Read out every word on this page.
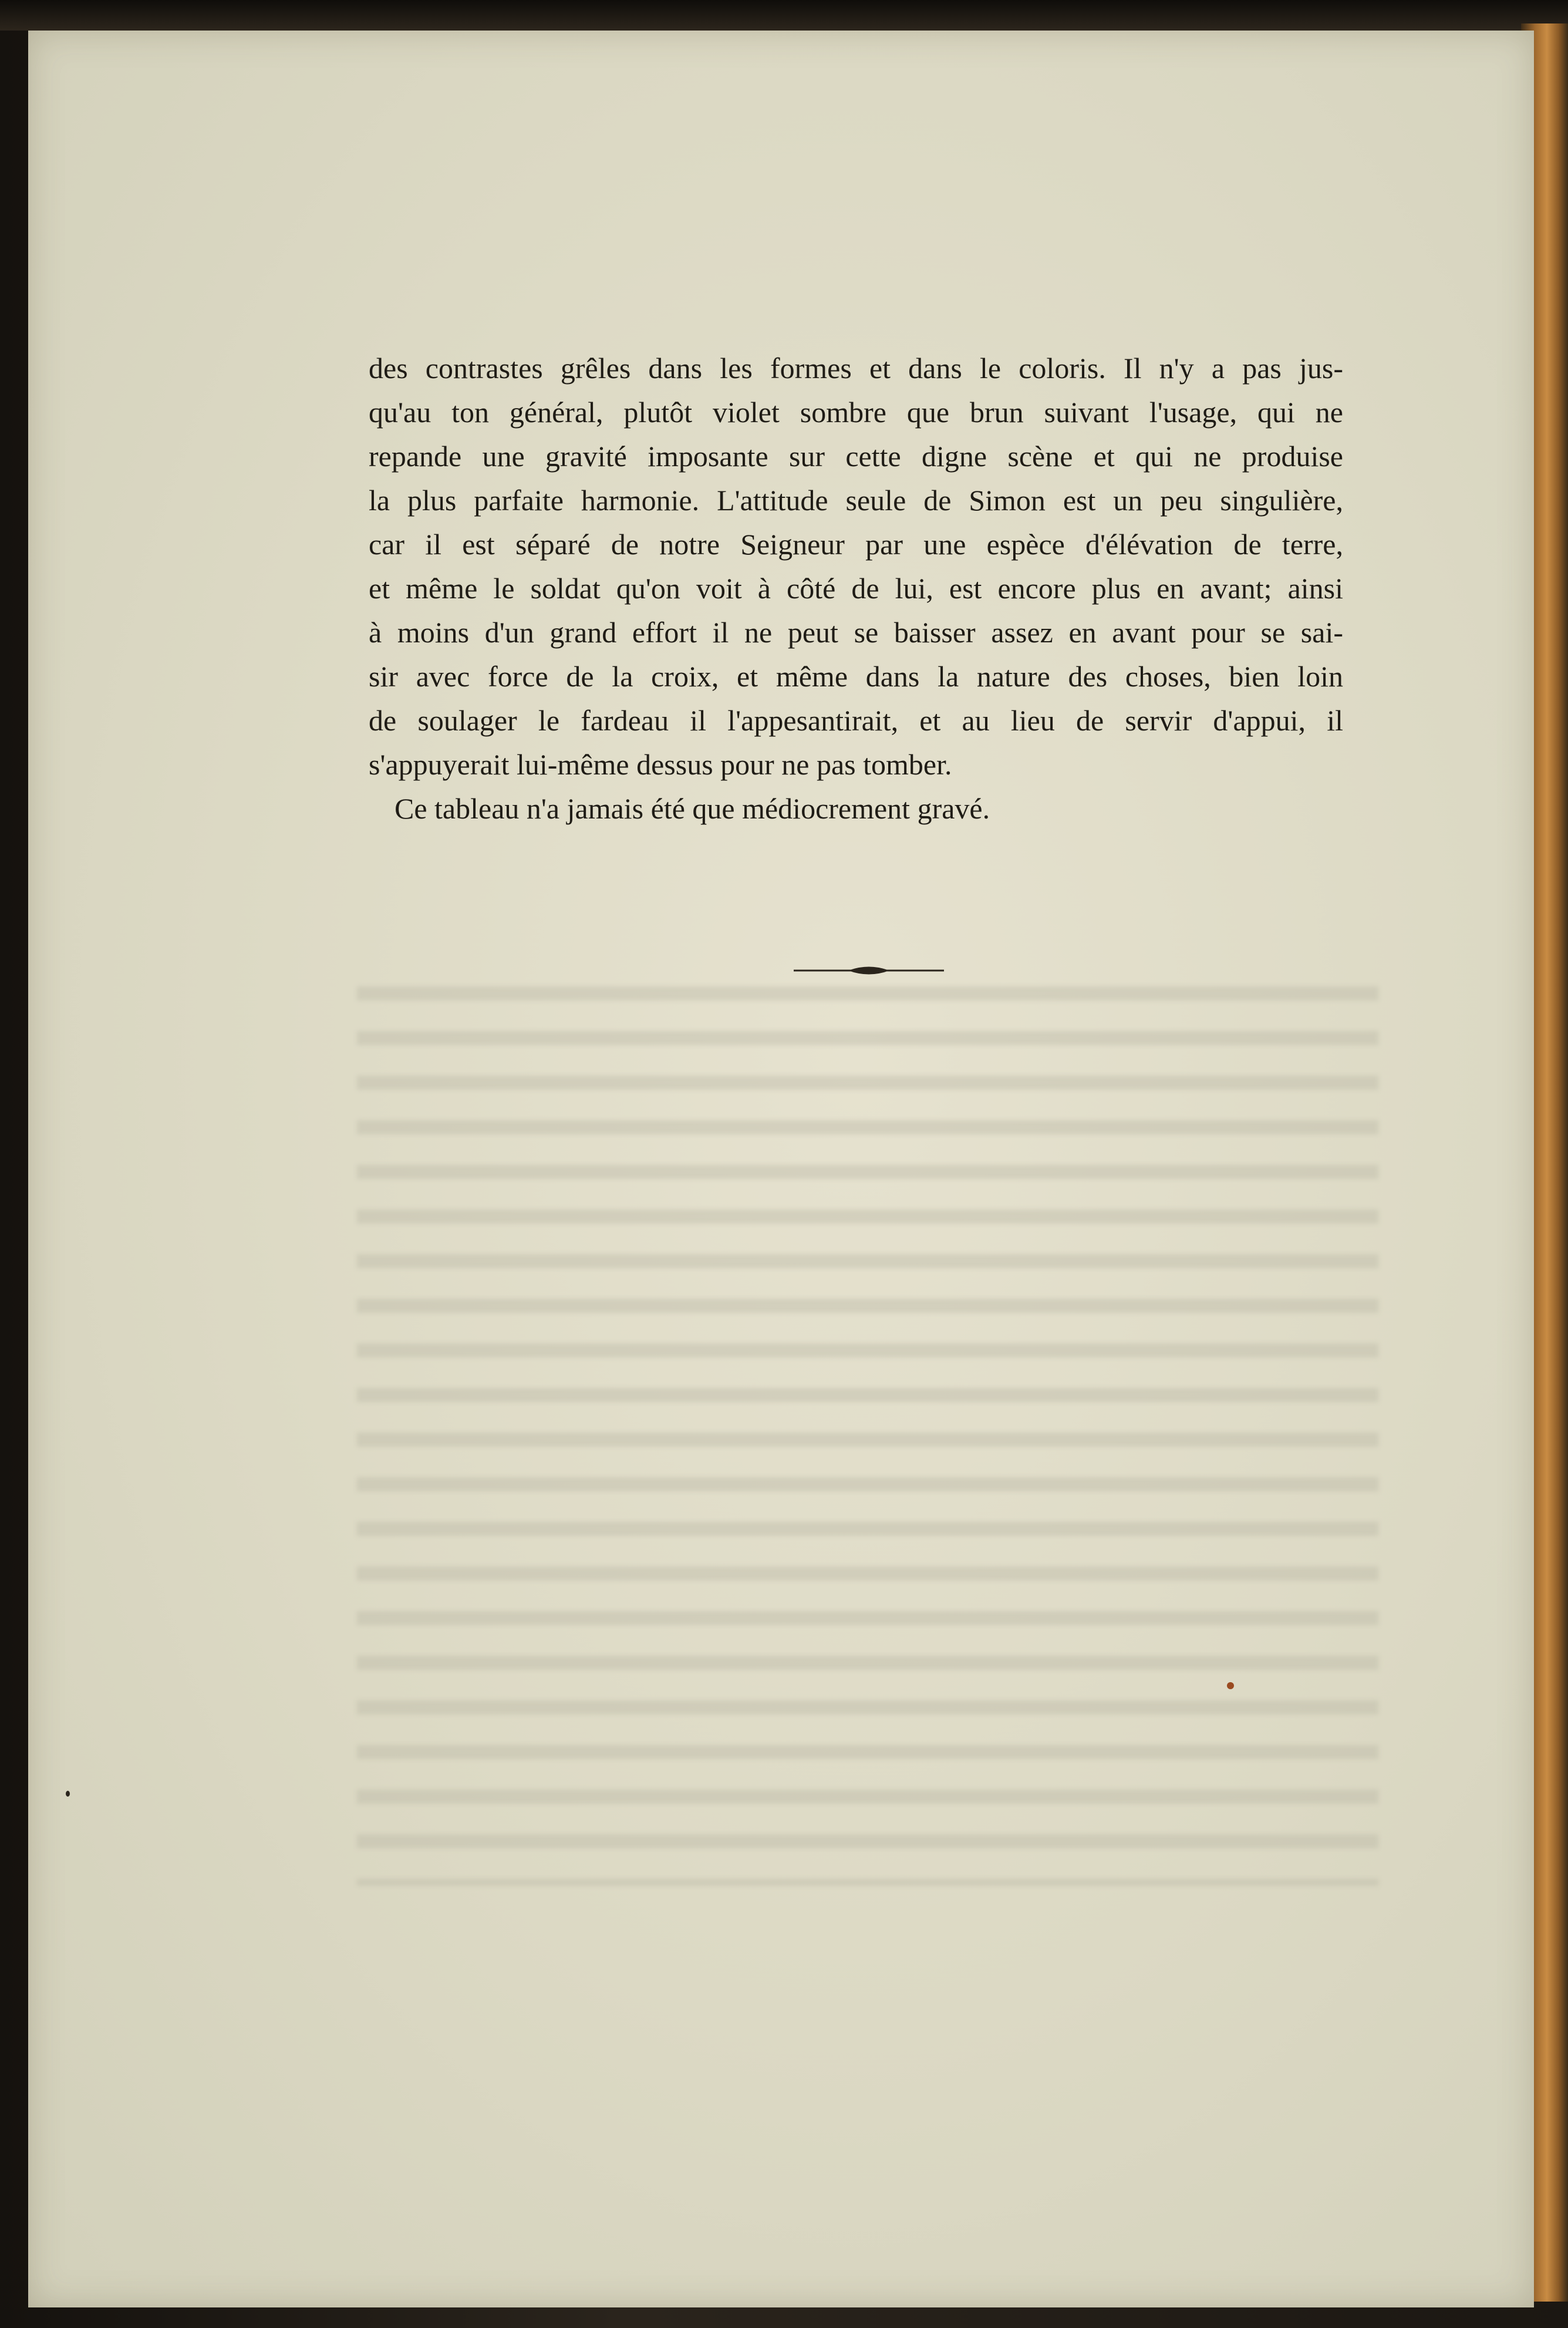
des contrastes grêles dans les formes et dans le coloris. Il n'y a pas jus-
qu'au ton général, plutôt violet sombre que brun suivant l'usage, qui ne
repande une gravité imposante sur cette digne scène et qui ne produise
la plus parfaite harmonie. L'attitude seule de Simon est un peu singulière,
car il est séparé de notre Seigneur par une espèce d'élévation de terre,
et même le soldat qu'on voit à côté de lui, est encore plus en avant; ainsi
à moins d'un grand effort il ne peut se baisser assez en avant pour se sai-
sir avec force de la croix, et même dans la nature des choses, bien loin
de soulager le fardeau il l'appesantirait, et au lieu de servir d'appui, il
s'appuyerait lui-même dessus pour ne pas tomber.
Ce tableau n'a jamais été que médiocrement gravé.
